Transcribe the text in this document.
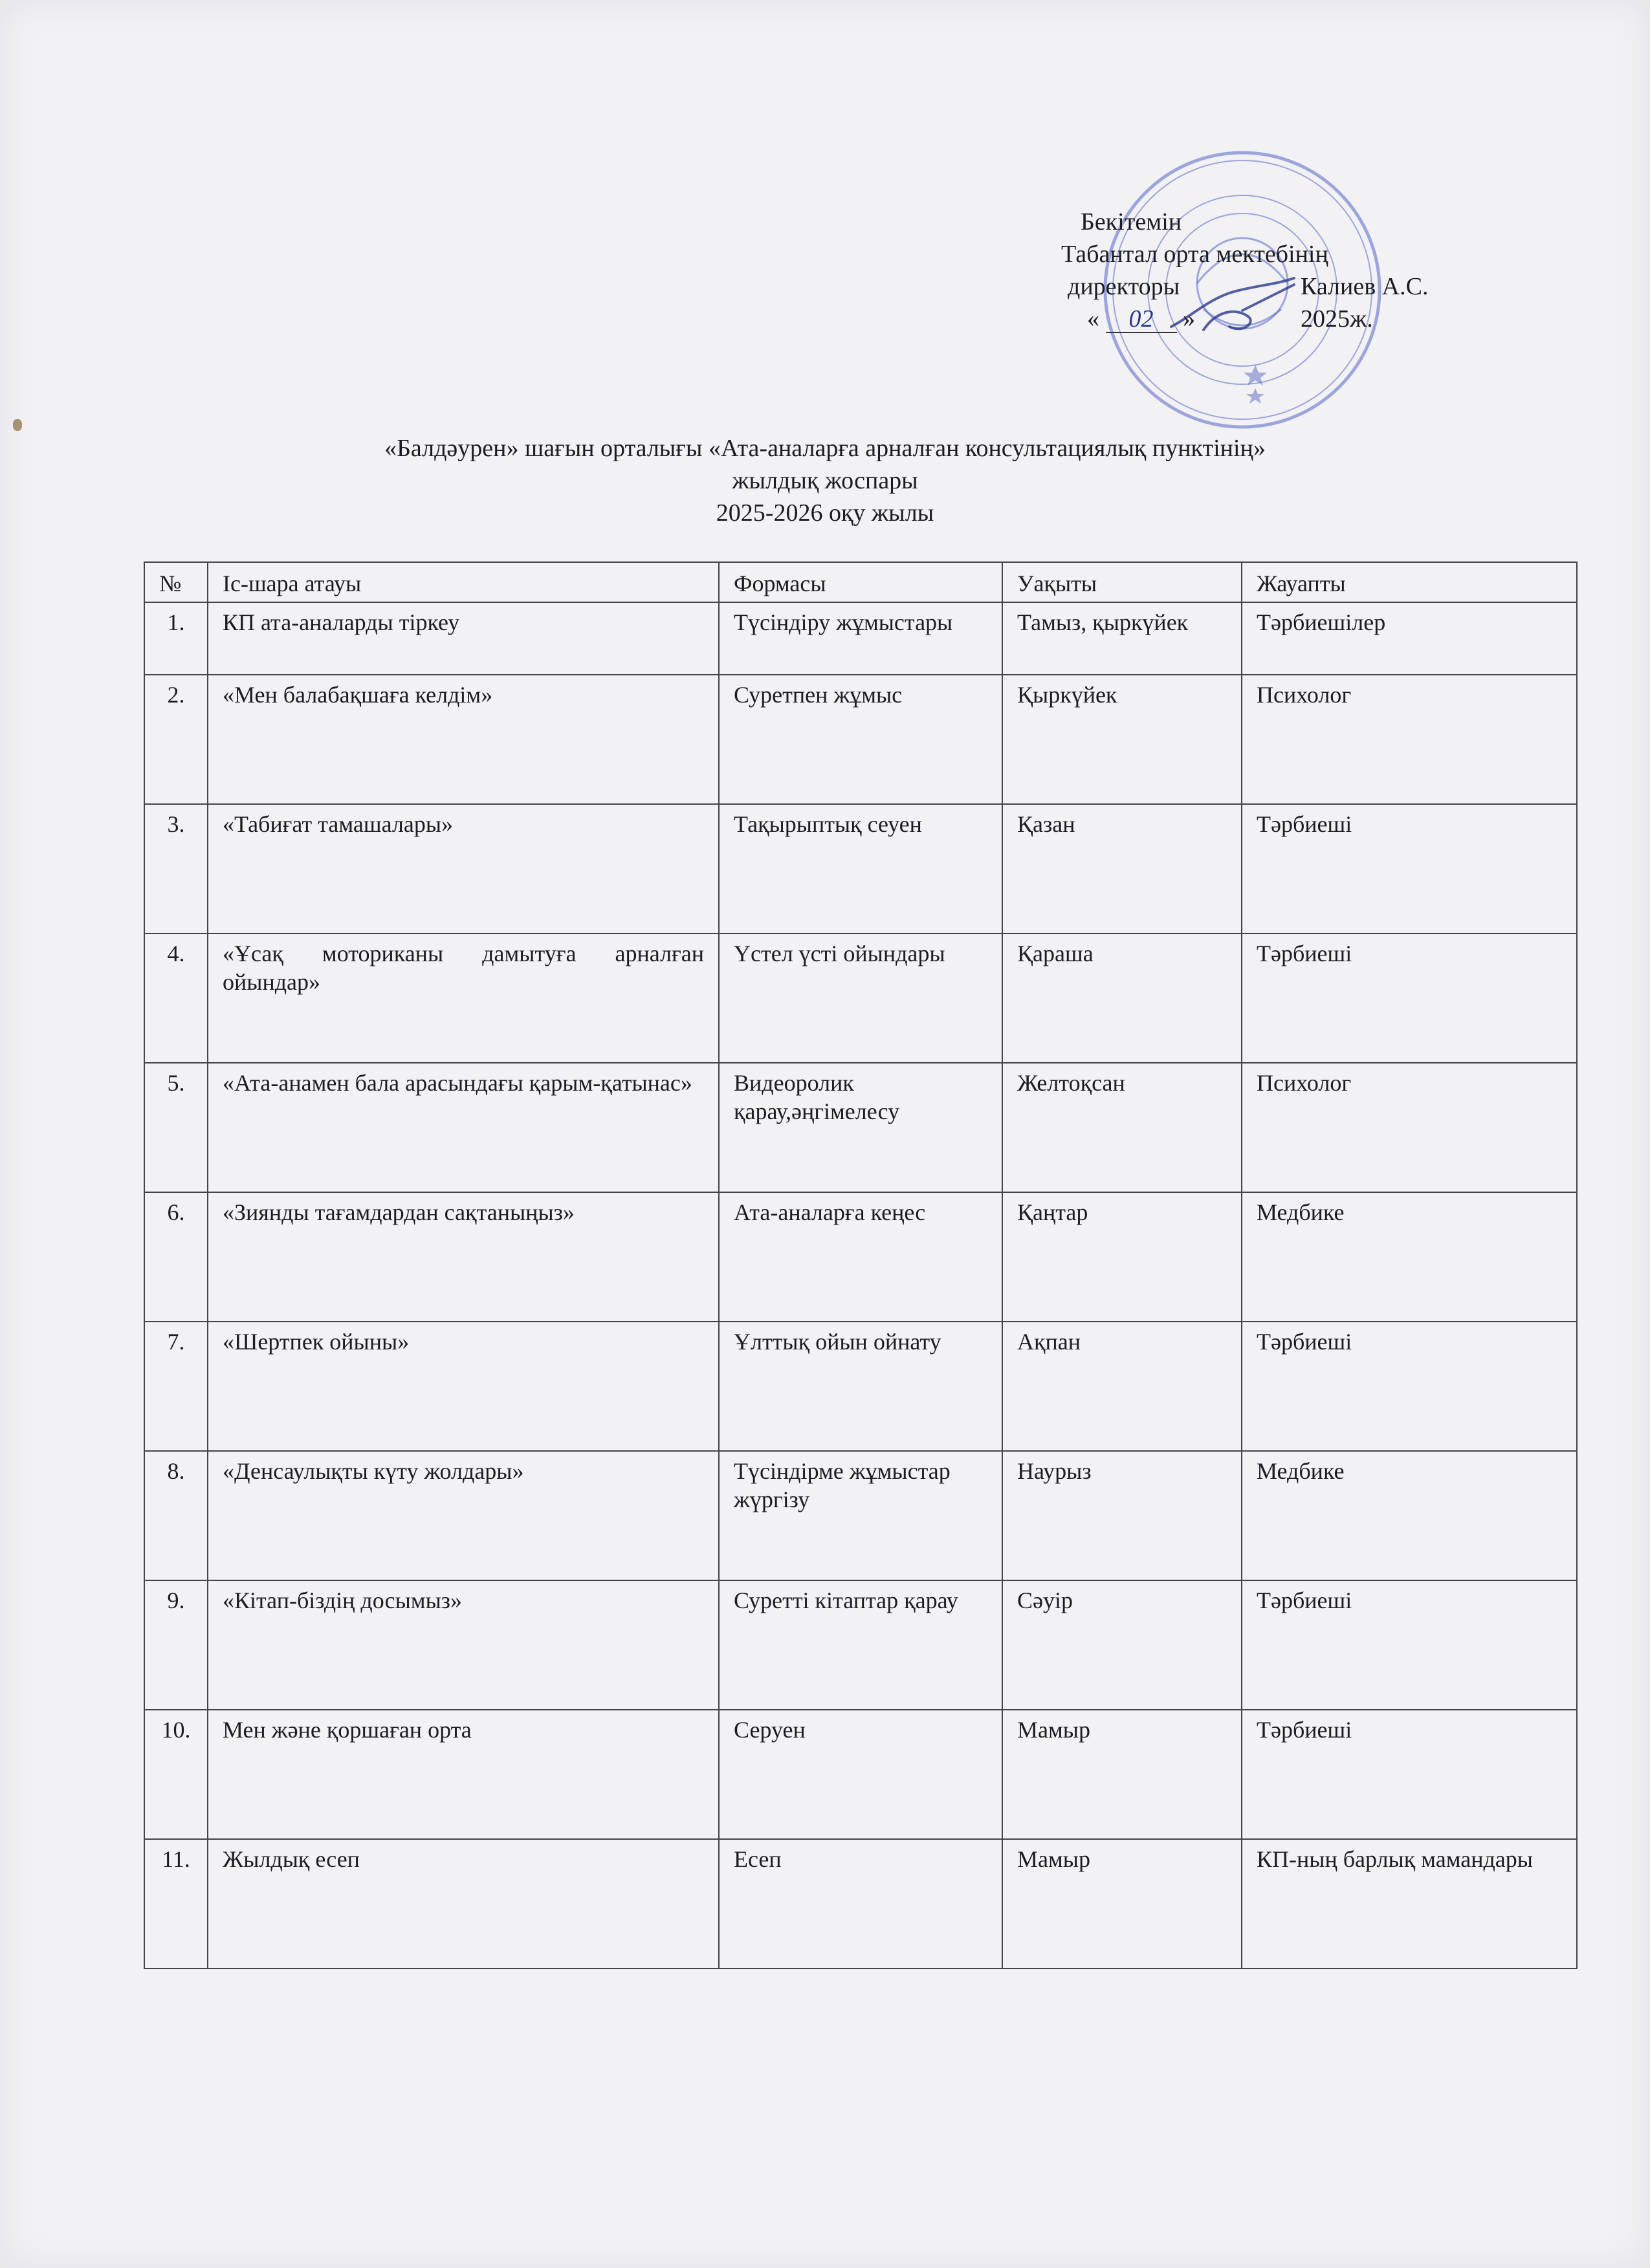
Бекітемін
Табантал орта мектебінің
директоры	Калиев А.С.
« 02 »	2025ж.
«Балдәурен» шағын орталығы «Ата-аналарға арналған консультациялық пунктінің»
жылдық жоспары
2025-2026 оқу жылы
№	Іс-шара атауы	Формасы	Уақыты	Жауапты
1.	КП ата-аналарды тіркеу	Түсіндіру жұмыстары	Тамыз, қыркүйек	Тәрбиешілер
2.	«Мен балабақшаға келдім»	Суретпен жұмыс	Қыркүйек	Психолог
3.	«Табиғат тамашалары»	Тақырыптық сеуен	Қазан	Тәрбиеші
4.	«Ұсақ моториканы дамытуға арналған ойындар»	Үстел үсті ойындары	Қараша	Тәрбиеші
5.	«Ата-анамен бала арасындағы қарым-қатынас»	Видеоролик қарау,әңгімелесу	Желтоқсан	Психолог
6.	«Зиянды тағамдардан сақтаныңыз»	Ата-аналарға кеңес	Қаңтар	Медбике
7.	«Шертпек ойыны»	Ұлттық ойын ойнату	Ақпан	Тәрбиеші
8.	«Денсаулықты күту жолдары»	Түсіндірме жұмыстар жүргізу	Наурыз	Медбике
9.	«Кітап-біздің досымыз»	Суретті кітаптар қарау	Сәуір	Тәрбиеші
10.	Мен және қоршаған орта	Серуен	Мамыр	Тәрбиеші
11.	Жылдық есеп	Есеп	Мамыр	КП-ның барлық мамандары
